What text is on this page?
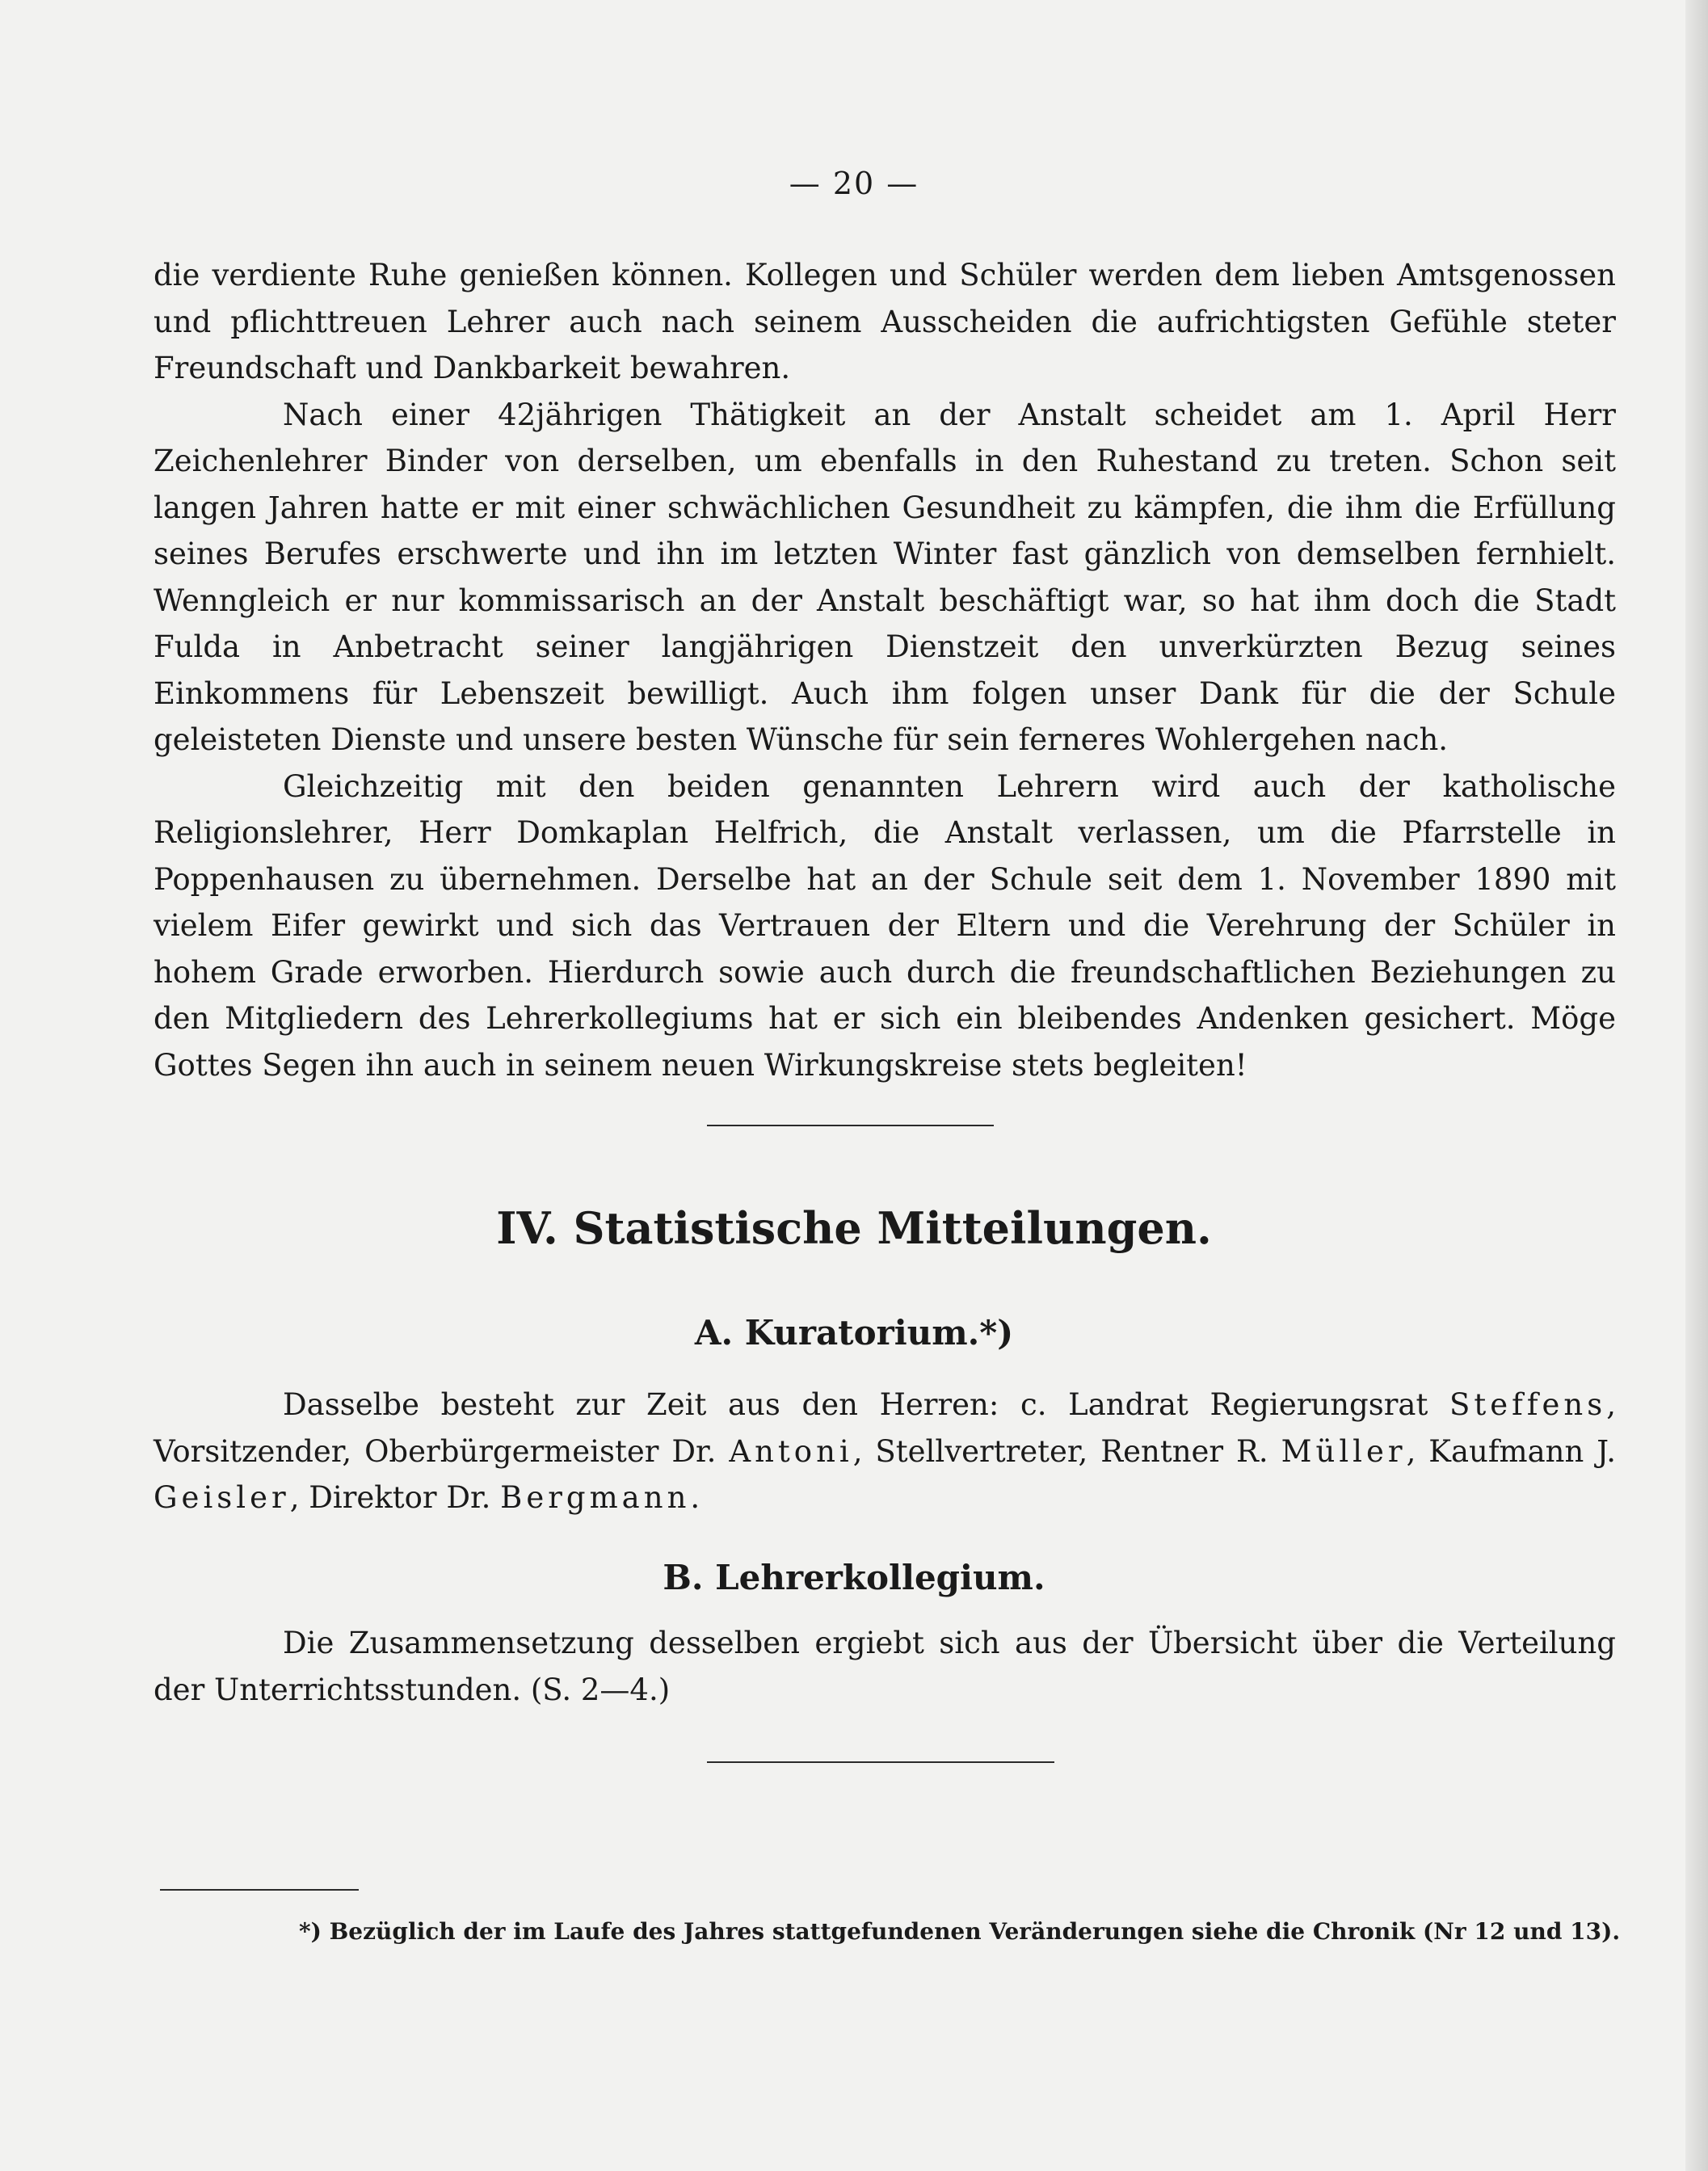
— 20 —

die verdiente Ruhe genießen können. Kollegen und Schüler werden dem lieben Amtsgenossen und pflichttreuen Lehrer auch nach seinem Ausscheiden die aufrichtigsten Gefühle steter Freundschaft und Dankbarkeit bewahren.

Nach einer 42jährigen Thätigkeit an der Anstalt scheidet am 1. April Herr Zeichenlehrer Binder von derselben, um ebenfalls in den Ruhestand zu treten. Schon seit langen Jahren hatte er mit einer schwächlichen Gesundheit zu kämpfen, die ihm die Erfüllung seines Berufes erschwerte und ihn im letzten Winter fast gänzlich von demselben fernhielt. Wenngleich er nur kommissarisch an der Anstalt beschäftigt war, so hat ihm doch die Stadt Fulda in Anbetracht seiner langjährigen Dienstzeit den unverkürzten Bezug seines Einkommens für Lebenszeit bewilligt. Auch ihm folgen unser Dank für die der Schule geleisteten Dienste und unsere besten Wünsche für sein ferneres Wohlergehen nach.

Gleichzeitig mit den beiden genannten Lehrern wird auch der katholische Religionslehrer, Herr Domkaplan Helfrich, die Anstalt verlassen, um die Pfarrstelle in Poppenhausen zu übernehmen. Derselbe hat an der Schule seit dem 1. November 1890 mit vielem Eifer gewirkt und sich das Vertrauen der Eltern und die Verehrung der Schüler in hohem Grade erworben. Hierdurch sowie auch durch die freundschaftlichen Beziehungen zu den Mitgliedern des Lehrerkollegiums hat er sich ein bleibendes Andenken gesichert. Möge Gottes Segen ihn auch in seinem neuen Wirkungskreise stets begleiten!

IV. Statistische Mitteilungen.
A. Kuratorium.*)

Dasselbe besteht zur Zeit aus den Herren: c. Landrat Regierungsrat Steffens, Vorsitzender, Oberbürgermeister Dr. Antoni, Stellvertreter, Rentner R. Müller, Kaufmann J. Geisler, Direktor Dr. Bergmann.

B. Lehrerkollegium.

Die Zusammensetzung desselben ergiebt sich aus der Übersicht über die Verteilung der Unterrichtsstunden. (S. 2—4.)

*) Bezüglich der im Laufe des Jahres stattgefundenen Veränderungen siehe die Chronik (Nr 12 und 13).
